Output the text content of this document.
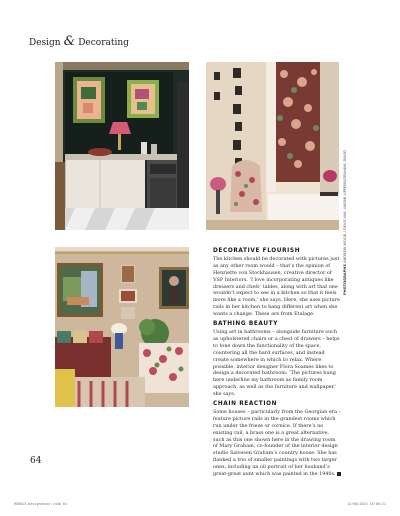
Design & Decorating
DECORATIVE FLOURISH

The kitchen should be decorated with pictures just as any other room would – that’s the opinion of Henriette von Stockhausen, creative director of VSP Interiors. ‘I love incorporating antiques like dressers and chefs’ tables, along with art that one wouldn’t expect to see in a kitchen so that it feels more like a room,’ she says. Here, she uses picture rails in her kitchen to hang different art when she wants a change. These are from Etalage.

BATHING BEAUTY

Using art in bathrooms – alongside furniture such as upholstered chairs or a chest of drawers – helps to tone down the functionality of the space, countering all the hard surfaces, and instead create somewhere in which to relax. Where possible, interior designer Flora Soames likes to design a decorated bathroom. ‘The pictures hung here underline my bathroom as family room approach, as well as the furniture and wallpaper,’ she says.

CHAIN REACTION

Some houses – particularly from the Georgian era – feature picture rails in the grandest rooms which run under the frieze or cornice. If there’s no existing rail, a brass one is a great alternative, such as this one shown here in the drawing room of Mary Graham, co-founder of the interior design studio Salvesen Graham’s country house. She has flanked a trio of smaller paintings with two larger ones, including an oil portrait of her husband’s great-great aunt which was painted in the 1940s.

PHOTOGRAPHS ANDREW WOOD / DEVIS HAY, NAOMI LIPPENS/GRAHAM, DAVID
64
HGB015.designdecor.indd 64	12/06/2023 16:06:21
